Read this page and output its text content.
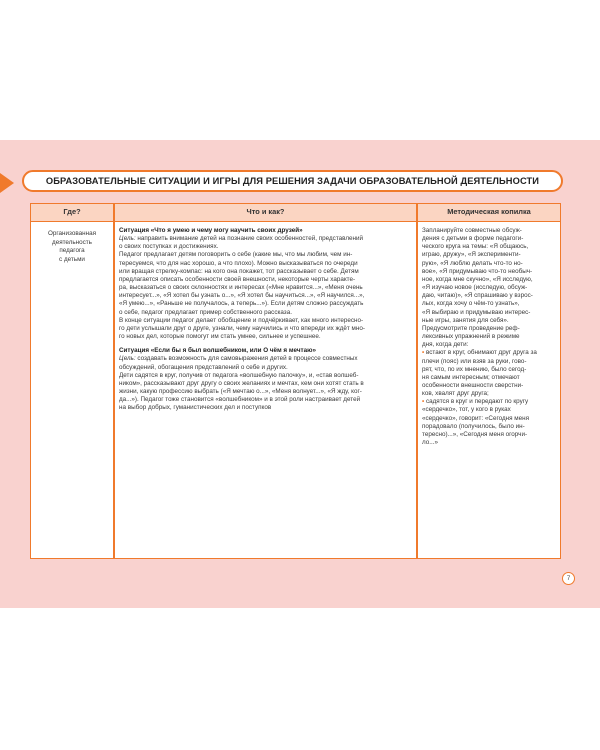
ОБРАЗОВАТЕЛЬНЫЕ СИТУАЦИИ И ИГРЫ ДЛЯ РЕШЕНИЯ ЗАДАЧИ ОБРАЗОВАТЕЛЬНОЙ ДЕЯТЕЛЬНОСТИ
Где?	Что и как?	Методическая копилка

Организованная

деятельность

педагога

с детьми

Ситуация «Что я умею и чему могу научить своих друзей»

Цель: направить внимание детей на познание своих особенностей, представлений

о своих поступках и достижениях.

Педагог предлагает детям поговорить о себе (какие мы, что мы любим, чем ин-

тересуемся, что для нас хорошо, а что плохо). Можно высказываться по очереди

или вращая стрелку-компас: на кого она покажет, тот рассказывает о себе. Детям

предлагается описать особенности своей внешности, некоторые черты характе-

ра, высказаться о своих склонностях и интересах («Мне нравится...», «Меня очень

интересует...», «Я хотел бы узнать о...», «Я хотел бы научиться...», «Я научился...»,

«Я умею...», «Раньше не получалось, а теперь...»). Если детям сложно рассуждать

о себе, педагог предлагает пример собственного рассказа.

В конце ситуации педагог делает обобщение и подчёркивает, как много интересно-

го дети услышали друг о друге, узнали, чему научились и что впереди их ждёт мно-

го новых дел, которые помогут им стать умнее, сильнее и успешнее.

Ситуация «Если бы я был волшебником, или О чём я мечтаю»

Цель: создавать возможность для самовыражения детей в процессе совместных

обсуждений, обогащения представлений о себе и других.

Дети садятся в круг, получив от педагога «волшебную палочку», и, «став волшеб-

ником», рассказывают друг другу о своих желаниях и мечтах, кем они хотят стать в

жизни, какую профессию выбрать («Я мечтаю о...», «Меня волнует...», «Я жду, ког-

да...»). Педагог тоже становится «волшебником» и в этой роли настраивает детей

на выбор добрых, гуманистических дел и поступков

Запланируйте совместные обсуж-

дения с детьми в форме педагоги-

ческого круга на темы: «Я общаюсь,

играю, дружу», «Я эксперименти-

рую», «Я люблю делать что-то но-

вое», «Я придумываю что-то необыч-

ное, когда мне скучно», «Я исследую,

«Я изучаю новое (исследую, обсуж-

даю, читаю)», «Я спрашиваю у взрос-

лых, когда хочу о чём-то узнать»,

«Я выбираю и придумываю интерес-

ные игры, занятия для себя».

Предусмотрите проведение реф-

лексивных упражнений в режиме

дня, когда дети:

• встают в круг, обнимают друг друга за

плечи (пояс) или взяв за руки, гово-

рят, что, по их мнению, было сегод-

ня самым интересным; отмечают

особенности внешности сверстни-

ков, хвалят друг друга;

• садятся в круг и передают по кругу

«сердечко», тот, у кого в руках

«сердечко», говорит: «Сегодня меня

порадовало (получилось, было ин-

тересно)...», «Сегодня меня огорчи-

ло...»

7
